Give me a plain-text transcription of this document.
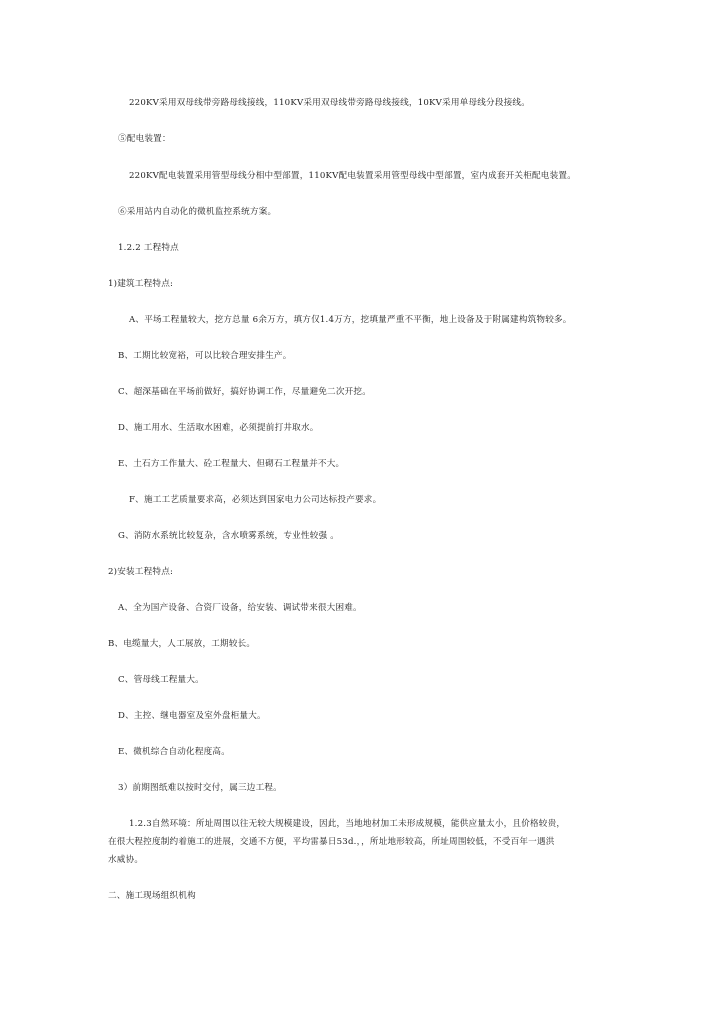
220KV采用双母线带旁路母线接线，110KV采用双母线带旁路母线接线，10KV采用单母线分段接线。
⑤配电装置：
220KV配电装置采用管型母线分相中型部置，110KV配电装置采用管型母线中型部置，室内成套开关柜配电装置。
⑥采用站内自动化的微机监控系统方案。
1.2.2 工程特点
1)建筑工程特点:
A、平场工程量较大，挖方总量 6余万方，填方仅1.4万方，挖填量严重不平衡，地上设备及于附属建构筑物较多。
B、工期比较宽裕，可以比较合理安排生产。
C、超深基础在平场前做好，搞好协调工作，尽量避免二次开挖。
D、施工用水、生活取水困难，必须提前打井取水。
E、土石方工作量大、砼工程量大、但砌石工程量并不大。
F、施工工艺质量要求高，必须达到国家电力公司达标投产要求。
G、消防水系统比较复杂，含水喷雾系统，专业性较强 。
2)安装工程特点:
A、全为国产设备、合资厂设备，给安装、调试带来很大困难。
B、电缆量大，人工展放，工期较长。
C、管母线工程量大。
D、主控、继电器室及室外盘柜量大。
E、微机综合自动化程度高。
3）前期图纸难以按时交付，属三边工程。
1.2.3自然环境：所址周围以往无较大规模建设，因此，当地地材加工未形成规模，能供应量太小，且价格较贵，
在很大程控度制约着施工的进展，交通不方便，平均雷暴日53d.，，所址地形较高，所址周围较低，不受百年一遇洪
水威协。
二、施工现场组织机构
